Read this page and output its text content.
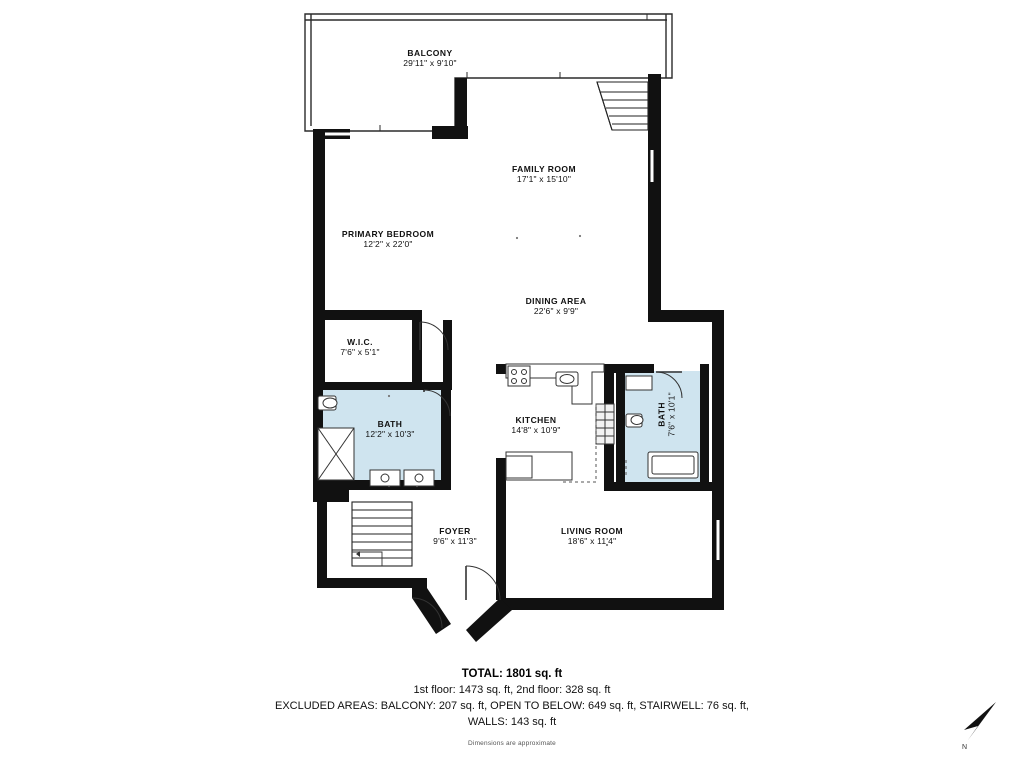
BALCONY
29'11" x 9'10"
FAMILY ROOM
17'1" x 15'10"
PRIMARY BEDROOM
12'2" x 22'0"
DINING AREA
22'6" x 9'9"
W.I.C.
7'6" x 5'1"
BATH
12'2" x 10'3"
KITCHEN
14'8" x 10'9"
BATH 7'6" x 10'1"
FOYER
9'6" x 11'3"
LIVING ROOM
18'6" x 11'4"
TOTAL: 1801 sq. ft
1st floor: 1473 sq. ft, 2nd floor: 328 sq. ft
EXCLUDED AREAS: BALCONY: 207 sq. ft, OPEN TO BELOW: 649 sq. ft, STAIRWELL: 76 sq. ft,
WALLS: 143 sq. ft
Dimensions are approximate
N
